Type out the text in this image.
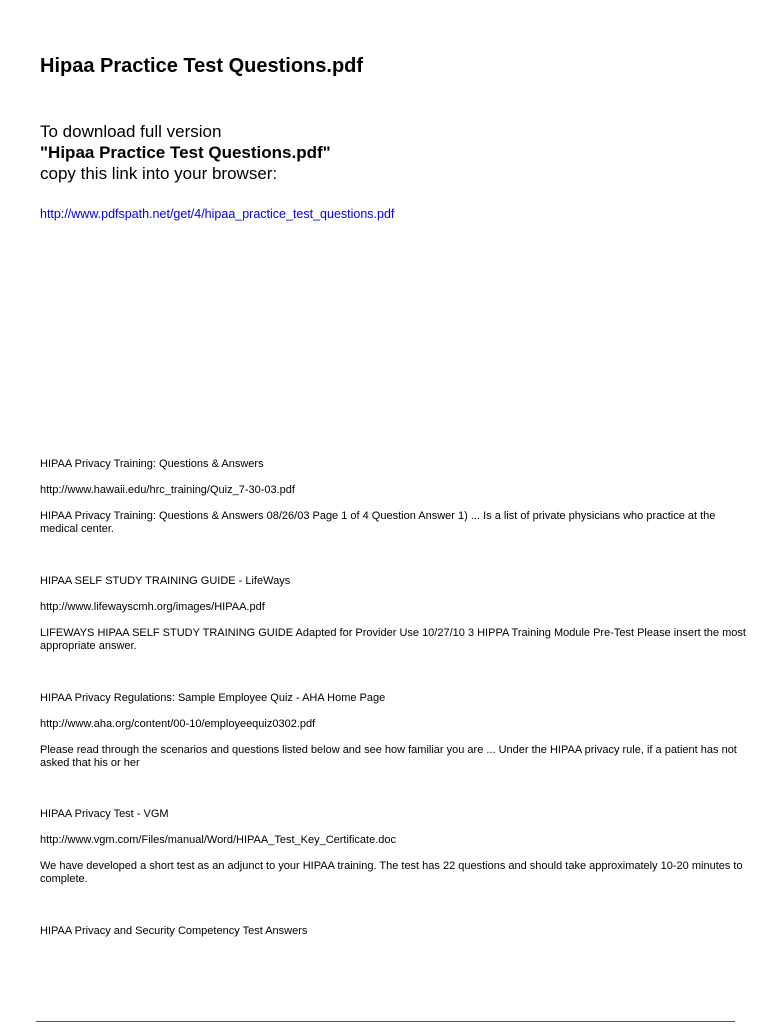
Hipaa Practice Test Questions.pdf
To download full version
"Hipaa Practice Test Questions.pdf"
copy this link into your browser:
http://www.pdfspath.net/get/4/hipaa_practice_test_questions.pdf
HIPAA Privacy Training: Questions & Answers
http://www.hawaii.edu/hrc_training/Quiz_7-30-03.pdf
HIPAA Privacy Training: Questions & Answers 08/26/03 Page 1 of 4 Question Answer 1) ... Is a list of private physicians who practice at the medical center.
HIPAA SELF STUDY TRAINING GUIDE - LifeWays
http://www.lifewayscmh.org/images/HIPAA.pdf
LIFEWAYS HIPAA SELF STUDY TRAINING GUIDE Adapted for Provider Use 10/27/10 3 HIPPA Training Module Pre-Test Please insert the most appropriate answer.
HIPAA Privacy Regulations: Sample Employee Quiz - AHA Home Page
http://www.aha.org/content/00-10/employeequiz0302.pdf
Please read through the scenarios and questions listed below and see how familiar you are ... Under the HIPAA privacy rule, if a patient has not asked that his or her
HIPAA Privacy Test - VGM
http://www.vgm.com/Files/manual/Word/HIPAA_Test_Key_Certificate.doc
We have developed a short test as an adjunct to your HIPAA training. The test has 22 questions and should take approximately 10-20 minutes to complete.
HIPAA Privacy and Security Competency Test Answers
